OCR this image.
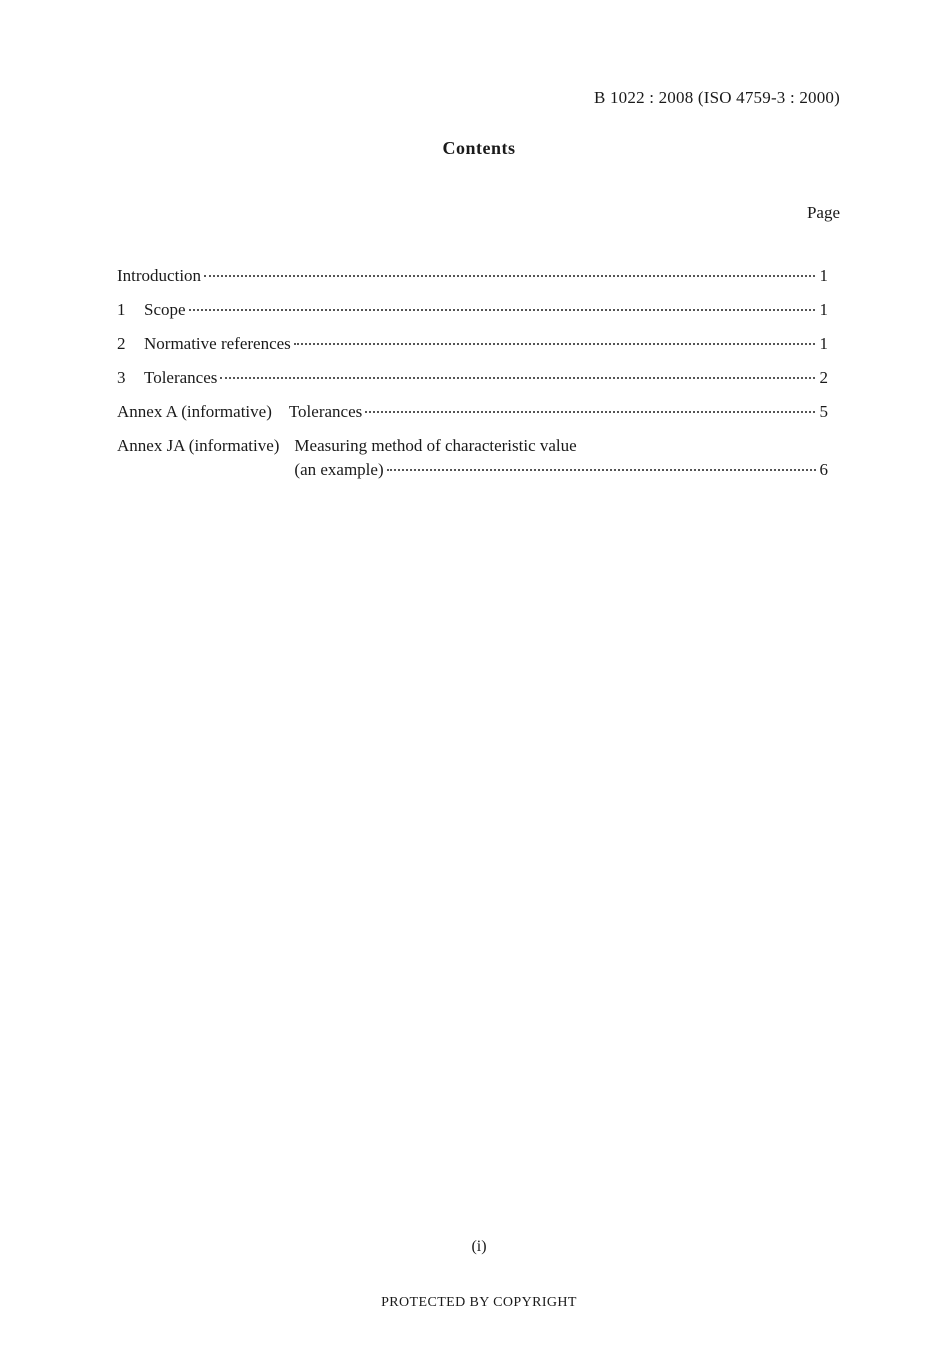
B 1022 : 2008 (ISO 4759-3 : 2000)
Contents
Page
Introduction	1
1	Scope	1
2	Normative references	1
3	Tolerances	2
Annex A (informative) Tolerances	5
Annex JA (informative) Measuring method of characteristic value
(an example)	6
(i)
PROTECTED BY COPYRIGHT
